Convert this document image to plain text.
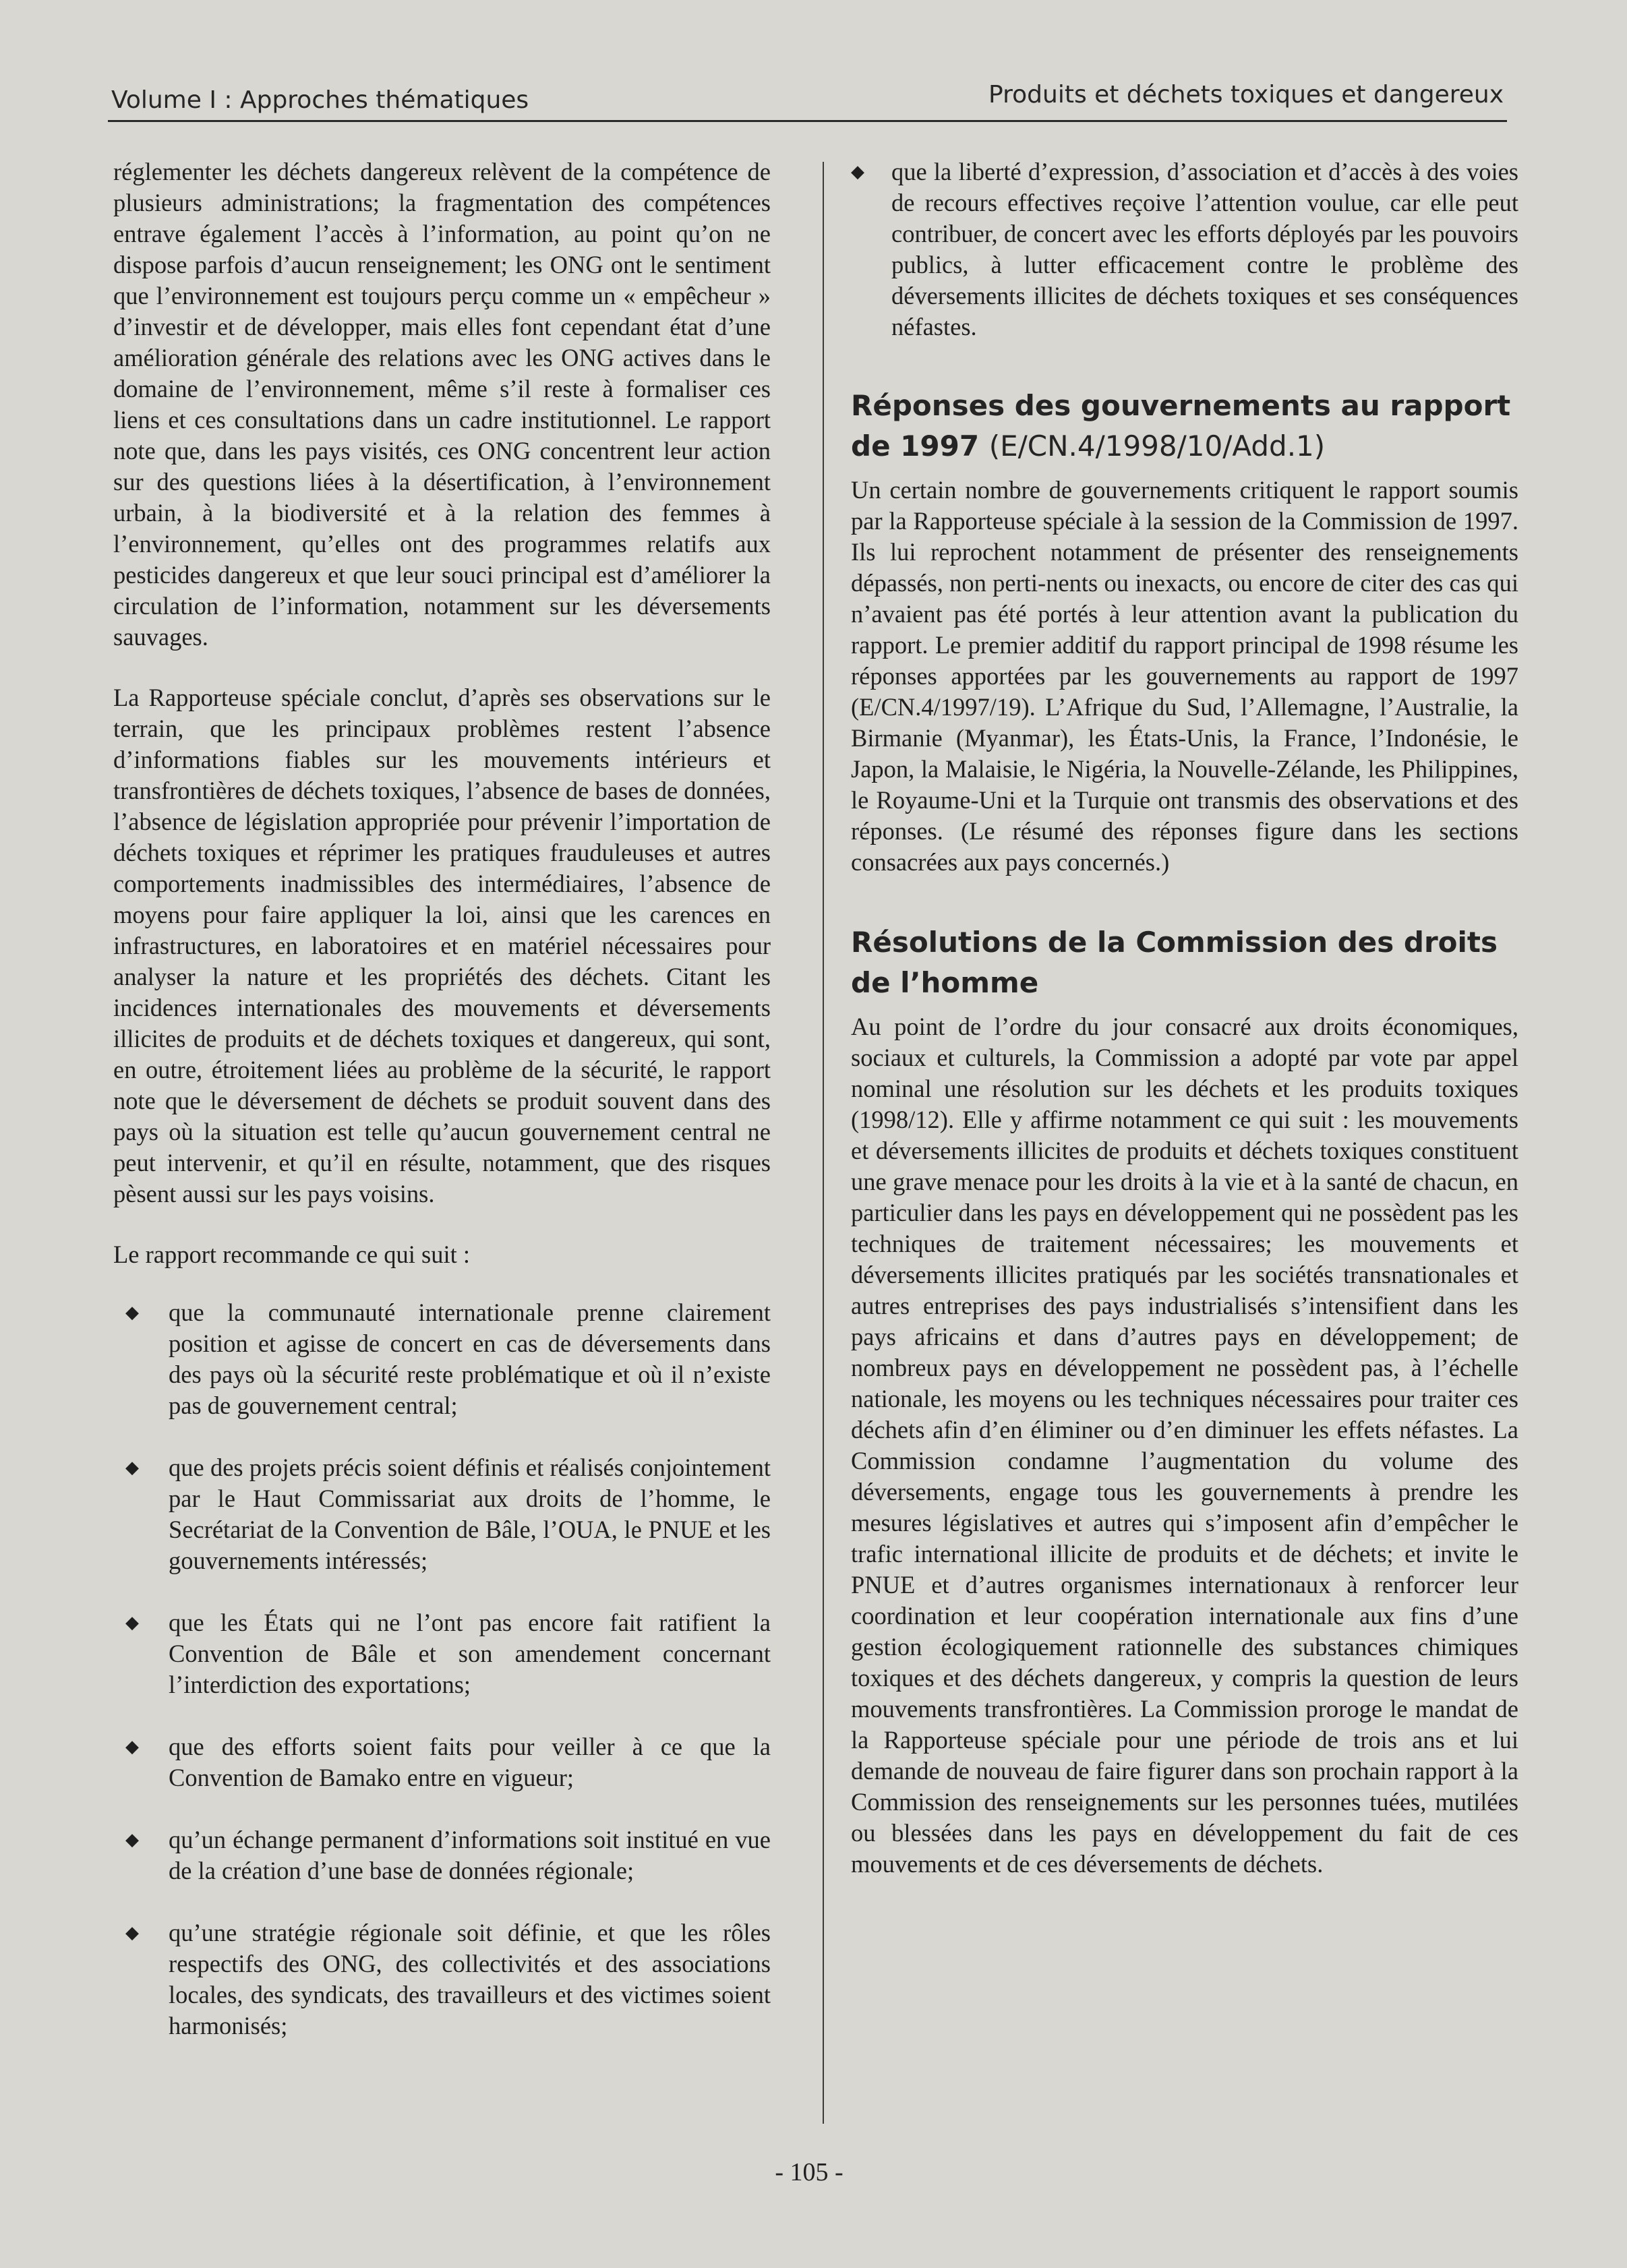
Volume I : Approches thématiques	Produits et déchets toxiques et dangereux

réglementer les déchets dangereux relèvent de la compétence de plusieurs administrations; la fragmentation des compétences entrave également l’accès à l’information, au point qu’on ne dispose parfois d’aucun renseignement; les ONG ont le sentiment que l’environnement est toujours perçu comme un « empêcheur » d’investir et de développer, mais elles font cependant état d’une amélioration générale des relations avec les ONG actives dans le domaine de l’environnement, même s’il reste à formaliser ces liens et ces consultations dans un cadre institutionnel. Le rapport note que, dans les pays visités, ces ONG concentrent leur action sur des questions liées à la désertification, à l’environnement urbain, à la biodiversité et à la relation des femmes à l’environnement, qu’elles ont des programmes relatifs aux pesticides dangereux et que leur souci principal est d’améliorer la circulation de l’information, notamment sur les déversements sauvages.

La Rapporteuse spéciale conclut, d’après ses observations sur le terrain, que les principaux problèmes restent l’absence d’informations fiables sur les mouvements intérieurs et transfrontières de déchets toxiques, l’absence de bases de données, l’absence de législation appropriée pour prévenir l’importation de déchets toxiques et réprimer les pratiques frauduleuses et autres comportements inadmissibles des intermédiaires, l’absence de moyens pour faire appliquer la loi, ainsi que les carences en infrastructures, en laboratoires et en matériel nécessaires pour analyser la nature et les propriétés des déchets. Citant les incidences internationales des mouvements et déversements illicites de produits et de déchets toxiques et dangereux, qui sont, en outre, étroitement liées au problème de la sécurité, le rapport note que le déversement de déchets se produit souvent dans des pays où la situation est telle qu’aucun gouvernement central ne peut intervenir, et qu’il en résulte, notamment, que des risques pèsent aussi sur les pays voisins.

Le rapport recommande ce qui suit :

◆ que la communauté internationale prenne clairement position et agisse de concert en cas de déversements dans des pays où la sécurité reste problématique et où il n’existe pas de gouvernement central;
◆ que des projets précis soient définis et réalisés conjointement par le Haut Commissariat aux droits de l’homme, le Secrétariat de la Convention de Bâle, l’OUA, le PNUE et les gouvernements intéressés;
◆ que les États qui ne l’ont pas encore fait ratifient la Convention de Bâle et son amendement concernant l’interdiction des exportations;
◆ que des efforts soient faits pour veiller à ce que la Convention de Bamako entre en vigueur;
◆ qu’un échange permanent d’informations soit institué en vue de la création d’une base de données régionale;
◆ qu’une stratégie régionale soit définie, et que les rôles respectifs des ONG, des collectivités et des associations locales, des syndicats, des travailleurs et des victimes soient harmonisés;
◆ que la liberté d’expression, d’association et d’accès à des voies de recours effectives reçoive l’attention voulue, car elle peut contribuer, de concert avec les efforts déployés par les pouvoirs publics, à lutter efficacement contre le problème des déversements illicites de déchets toxiques et ses conséquences néfastes.
Réponses des gouvernements au rapport de 1997 (E/CN.4/1998/10/Add.1)

Un certain nombre de gouvernements critiquent le rapport soumis par la Rapporteuse spéciale à la session de la Commission de 1997. Ils lui reprochent notamment de présenter des renseignements dépassés, non perti-nents ou inexacts, ou encore de citer des cas qui n’avaient pas été portés à leur attention avant la publication du rapport. Le premier additif du rapport principal de 1998 résume les réponses apportées par les gouvernements au rapport de 1997 (E/CN.4/1997/19). L’Afrique du Sud, l’Allemagne, l’Australie, la Birmanie (Myanmar), les États-Unis, la France, l’Indonésie, le Japon, la Malaisie, le Nigéria, la Nouvelle-Zélande, les Philippines, le Royaume-Uni et la Turquie ont transmis des observations et des réponses. (Le résumé des réponses figure dans les sections consacrées aux pays concernés.)

Résolutions de la Commission des droits de l’homme

Au point de l’ordre du jour consacré aux droits économiques, sociaux et culturels, la Commission a adopté par vote par appel nominal une résolution sur les déchets et les produits toxiques (1998/12). Elle y affirme notamment ce qui suit : les mouvements et déversements illicites de produits et déchets toxiques constituent une grave menace pour les droits à la vie et à la santé de chacun, en particulier dans les pays en développement qui ne possèdent pas les techniques de traitement nécessaires; les mouvements et déversements illicites pratiqués par les sociétés transnationales et autres entreprises des pays industrialisés s’intensifient dans les pays africains et dans d’autres pays en développement; de nombreux pays en développement ne possèdent pas, à l’échelle nationale, les moyens ou les techniques nécessaires pour traiter ces déchets afin d’en éliminer ou d’en diminuer les effets néfastes. La Commission condamne l’augmentation du volume des déversements, engage tous les gouvernements à prendre les mesures législatives et autres qui s’imposent afin d’empêcher le trafic international illicite de produits et de déchets; et invite le PNUE et d’autres organismes internationaux à renforcer leur coordination et leur coopération internationale aux fins d’une gestion écologiquement rationnelle des substances chimiques toxiques et des déchets dangereux, y compris la question de leurs mouvements transfrontières. La Commission proroge le mandat de la Rapporteuse spéciale pour une période de trois ans et lui demande de nouveau de faire figurer dans son prochain rapport à la Commission des renseignements sur les personnes tuées, mutilées ou blessées dans les pays en développement du fait de ces mouvements et de ces déversements de déchets.

- 105 -
